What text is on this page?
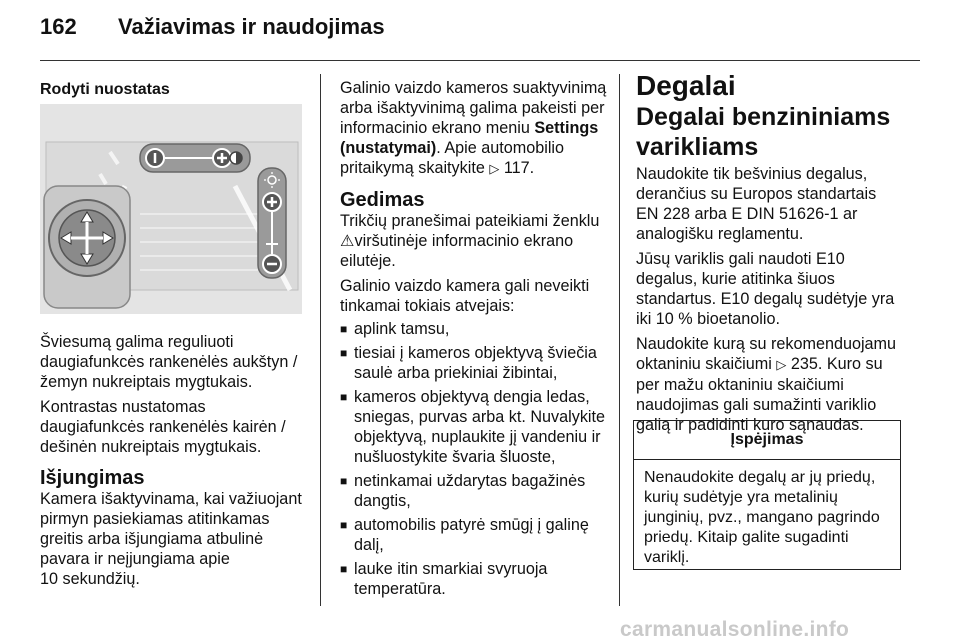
162 Važiavimas ir naudojimas
Rodyti nuostatas

Šviesumą galima reguliuoti

daugiafunkcės rankenėlės aukštyn /

žemyn nukreiptais mygtukais.

Kontrastas nustatomas

daugiafunkcės rankenėlės kairėn /

dešinėn nukreiptais mygtukais.

Išjungimas

Kamera išaktyvinama, kai važiuojant

pirmyn pasiekiamas atitinkamas

greitis arba išjungiama atbulinė

pavara ir neįjungiama apie

10 sekundžių.

Galinio vaizdo kameros suaktyvinimą

arba išaktyvinimą galima pakeisti per

informacinio ekrano meniu Settings

(nustatymai). Apie automobilio

pritaikymą skaitykite ▷ 117.

Gedimas

Trikčių pranešimai pateikiami ženklu

⚠viršutinėje informacinio ekrano

eilutėje.

Galinio vaizdo kamera gali neveikti

tinkamai tokiais atvejais:

■ aplink tamsu,
■ tiesiai į kameros objektyvą šviečia
saulė arba priekiniai žibintai,
■ kameros objektyvą dengia ledas,
sniegas, purvas arba kt. Nuvalykite
objektyvą, nuplaukite jį vandeniu ir
nušluostykite švaria šluoste,
■ netinkamai uždarytas bagažinės
dangtis,
■ automobilis patyrė smūgį į galinę
dalį,
■ lauke itin smarkiai svyruoja
temperatūra.
Degalai
Degalai benzininiams
varikliams

Naudokite tik bešvinius degalus,

derančius su Europos standartais

EN 228 arba E DIN 51626-1 ar

analogišku reglamentu.

Jūsų variklis gali naudoti E10

degalus, kurie atitinka šiuos

standartus. E10 degalų sudėtyje yra

iki 10 % bioetanolio.

Naudokite kurą su rekomenduojamu

oktaniniu skaičiumi ▷ 235. Kuro su

per mažu oktaniniu skaičiumi

naudojimas gali sumažinti variklio

galią ir padidinti kuro sąnaudas.

Įspėjimas
Nenaudokite degalų ar jų priedų,
kurių sudėtyje yra metalinių
junginių, pvz., mangano pagrindo
priedų. Kitaip galite sugadinti
variklį.
carmanualsonline.info
